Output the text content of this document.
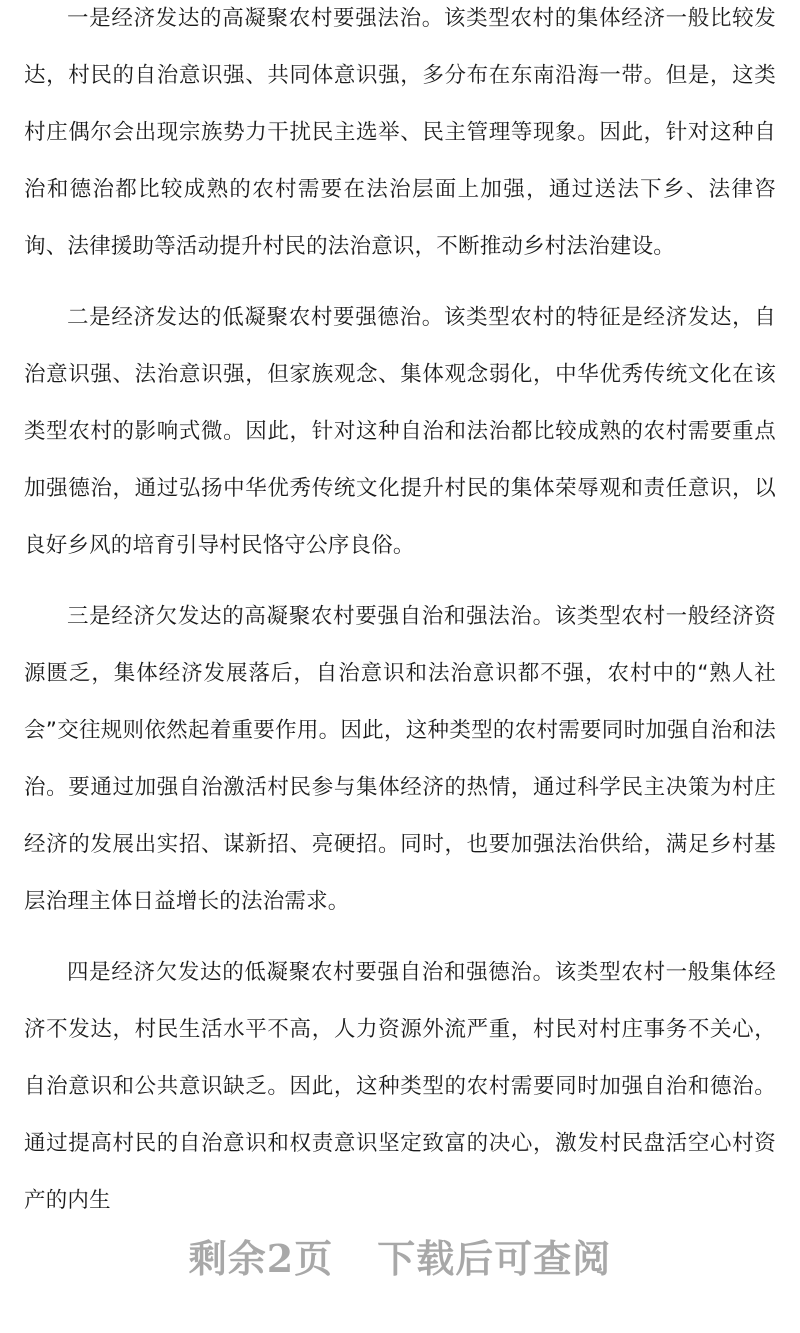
一是经济发达的高凝聚农村要强法治。该类型农村的集体经济一般比较发达，村民的自治意识强、共同体意识强，多分布在东南沿海一带。但是，这类村庄偶尔会出现宗族势力干扰民主选举、民主管理等现象。因此，针对这种自治和德治都比较成熟的农村需要在法治层面上加强，通过送法下乡、法律咨询、法律援助等活动提升村民的法治意识，不断推动乡村法治建设。

二是经济发达的低凝聚农村要强德治。该类型农村的特征是经济发达，自治意识强、法治意识强，但家族观念、集体观念弱化，中华优秀传统文化在该类型农村的影响式微。因此，针对这种自治和法治都比较成熟的农村需要重点加强德治，通过弘扬中华优秀传统文化提升村民的集体荣辱观和责任意识，以良好乡风的培育引导村民恪守公序良俗。

三是经济欠发达的高凝聚农村要强自治和强法治。该类型农村一般经济资源匮乏，集体经济发展落后，自治意识和法治意识都不强，农村中的“熟人社会”交往规则依然起着重要作用。因此，这种类型的农村需要同时加强自治和法治。要通过加强自治激活村民参与集体经济的热情，通过科学民主决策为村庄经济的发展出实招、谋新招、亮硬招。同时，也要加强法治供给，满足乡村基层治理主体日益增长的法治需求。

四是经济欠发达的低凝聚农村要强自治和强德治。该类型农村一般集体经济不发达，村民生活水平不高，人力资源外流严重，村民对村庄事务不关心，自治意识和公共意识缺乏。因此，这种类型的农村需要同时加强自治和德治。通过提高村民的自治意识和权责意识坚定致富的决心，激发村民盘活空心村资产的内生

剩余2页 下载后可查阅
